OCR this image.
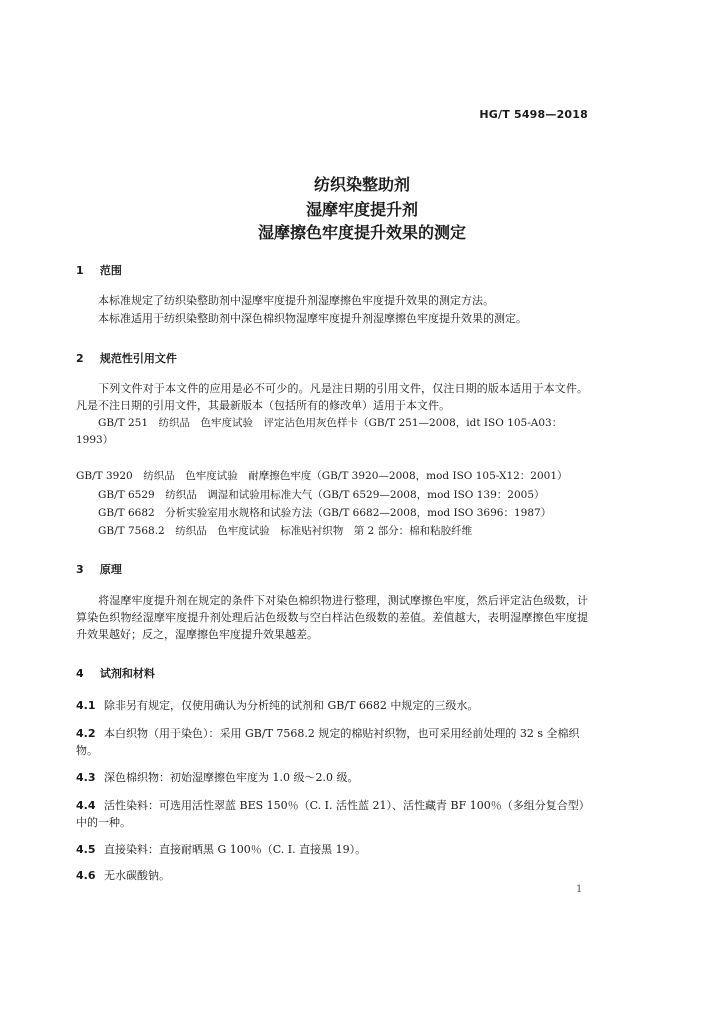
HG/T 5498—2018
纺织染整助剂
湿摩牢度提升剂
湿摩擦色牢度提升效果的测定
1 范围
本标准规定了纺织染整助剂中湿摩牢度提升剂湿摩擦色牢度提升效果的测定方法。
本标准适用于纺织染整助剂中深色棉织物湿摩牢度提升剂湿摩擦色牢度提升效果的测定。
2 规范性引用文件
下列文件对于本文件的应用是必不可少的。凡是注日期的引用文件，仅注日期的版本适用于本文件。凡是不注日期的引用文件，其最新版本（包括所有的修改单）适用于本文件。
GB/T 251　纺织品　色牢度试验　评定沾色用灰色样卡（GB/T 251—2008，idt ISO 105-A03：1993）
GB/T 3920　纺织品　色牢度试验　耐摩擦色牢度（GB/T 3920—2008，mod ISO 105-X12：2001）
GB/T 6529　纺织品　调湿和试验用标准大气（GB/T 6529—2008，mod ISO 139：2005）
GB/T 6682　分析实验室用水规格和试验方法（GB/T 6682—2008，mod ISO 3696：1987）
GB/T 7568.2　纺织品　色牢度试验　标准贴衬织物　第 2 部分：棉和粘胶纤维
3 原理
将湿摩牢度提升剂在规定的条件下对染色棉织物进行整理，测试摩擦色牢度，然后评定沾色级数，计算染色织物经湿摩牢度提升剂处理后沾色级数与空白样沾色级数的差值。差值越大，表明湿摩擦色牢度提升效果越好；反之，湿摩擦色牢度提升效果越差。
4 试剂和材料
4.1 除非另有规定，仅使用确认为分析纯的试剂和 GB/T 6682 中规定的三级水。
4.2 本白织物（用于染色）：采用 GB/T 7568.2 规定的棉贴衬织物，也可采用经前处理的 32 s 全棉织物。
4.3 深色棉织物：初始湿摩擦色牢度为 1.0 级～2.0 级。
4.4 活性染料：可选用活性翠蓝 BES 150％（C. I. 活性蓝 21）、活性藏青 BF 100％（多组分复合型）中的一种。
4.5 直接染料：直接耐晒黑 G 100％（C. I. 直接黑 19）。
4.6 无水碳酸钠。
1
